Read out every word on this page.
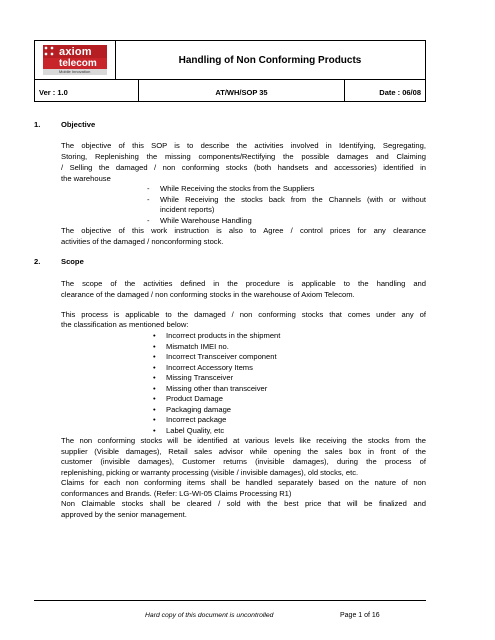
axiom
telecom
Mobile Innovation
Handling of Non Conforming Products
Ver : 1.0	AT/WH/SOP 35	Date : 06/08
1.	Objective
The objective of this SOP is to describe the activities involved in Identifying, Segregating,
Storing, Replenishing the missing components/Rectifying the possible damages and Claiming
/ Selling the damaged / non conforming stocks (both handsets and accessories) identified in
the warehouse
- While Receiving the stocks from the Suppliers
- While Receiving the stocks back from the Channels (with or without
incident reports)
- While Warehouse Handling
The objective of this work instruction is also to Agree / control prices for any clearance
activities of the damaged / nonconforming stock.
2.	Scope
The scope of the activities defined in the procedure is applicable to the handling and
clearance of the damaged / non conforming stocks in the warehouse of Axiom Telecom.
This process is applicable to the damaged / non conforming stocks that comes under any of
the classification as mentioned below:
• Incorrect products in the shipment
• Mismatch IMEI no.
• Incorrect Transceiver component
• Incorrect Accessory Items
• Missing Transceiver
• Missing other than transceiver
• Product Damage
• Packaging damage
• Incorrect package
• Label Quality, etc
The non conforming stocks will be identified at various levels like receiving the stocks from the
supplier (Visible damages), Retail sales advisor while opening the sales box in front of the
customer (invisible damages), Customer returns (invisible damages), during the process of
replenishing, picking or warranty processing (visible / invisible damages), old stocks, etc.
Claims for each non conforming items shall be handled separately based on the nature of non
conformances and Brands. (Refer: LG-WI-05 Claims Processing R1)
Non Claimable stocks shall be cleared / sold with the best price that will be finalized and
approved by the senior management.
Hard copy of this document is uncontrolled	Page 1 of 16
